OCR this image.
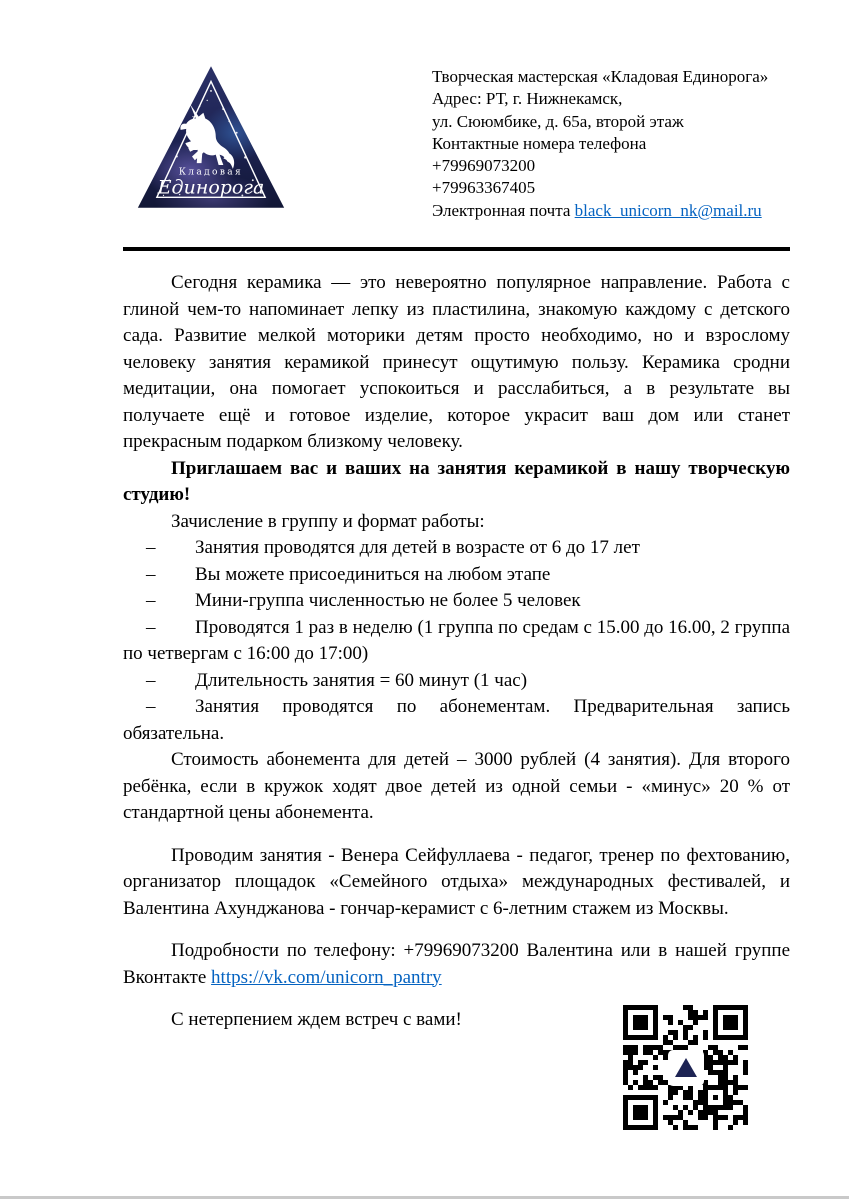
Кладовая
Единорога
Творческая мастерская «Кладовая Единорога»
Адрес: РТ, г. Нижнекамск,
ул. Сююмбике, д. 65а, второй этаж
Контактные номера телефона
+79969073200
+79963367405
Электронная почта black_unicorn_nk@mail.ru

Сегодня керамика — это невероятно популярное направление. Работа с глиной чем-то напоминает лепку из пластилина, знакомую каждому с детского сада. Развитие мелкой моторики детям просто необходимо, но и взрослому человеку занятия керамикой принесут ощутимую пользу. Керамика сродни медитации, она помогает успокоиться и расслабиться, а в результате вы получаете ещё и готовое изделие, которое украсит ваш дом или станет прекрасным подарком близкому человеку.

Приглашаем вас и ваших на занятия керамикой в нашу творческую студию!

Зачисление в группу и формат работы:

– Занятия проводятся для детей в возрасте от 6 до 17 лет

– Вы можете присоединиться на любом этапе

– Мини-группа численностью не более 5 человек

– Проводятся 1 раз в неделю (1 группа по средам с 15.00 до 16.00, 2 группа по четвергам с 16:00 до 17:00)

– Длительность занятия = 60 минут (1 час)

– Занятия проводятся по абонементам. Предварительная запись обязательна.

Стоимость абонемента для детей – 3000 рублей (4 занятия). Для второго ребёнка, если в кружок ходят двое детей из одной семьи - «минус» 20 % от стандартной цены абонемента.

Проводим занятия - Венера Сейфуллаева - педагог, тренер по фехтованию, организатор площадок «Семейного отдыха» международных фестивалей, и Валентина Ахунджанова - гончар-керамист с 6-летним стажем из Москвы.

Подробности по телефону: +79969073200 Валентина или в нашей группе Вконтакте https://vk.com/unicorn_pantry

С нетерпением ждем встреч с вами!
